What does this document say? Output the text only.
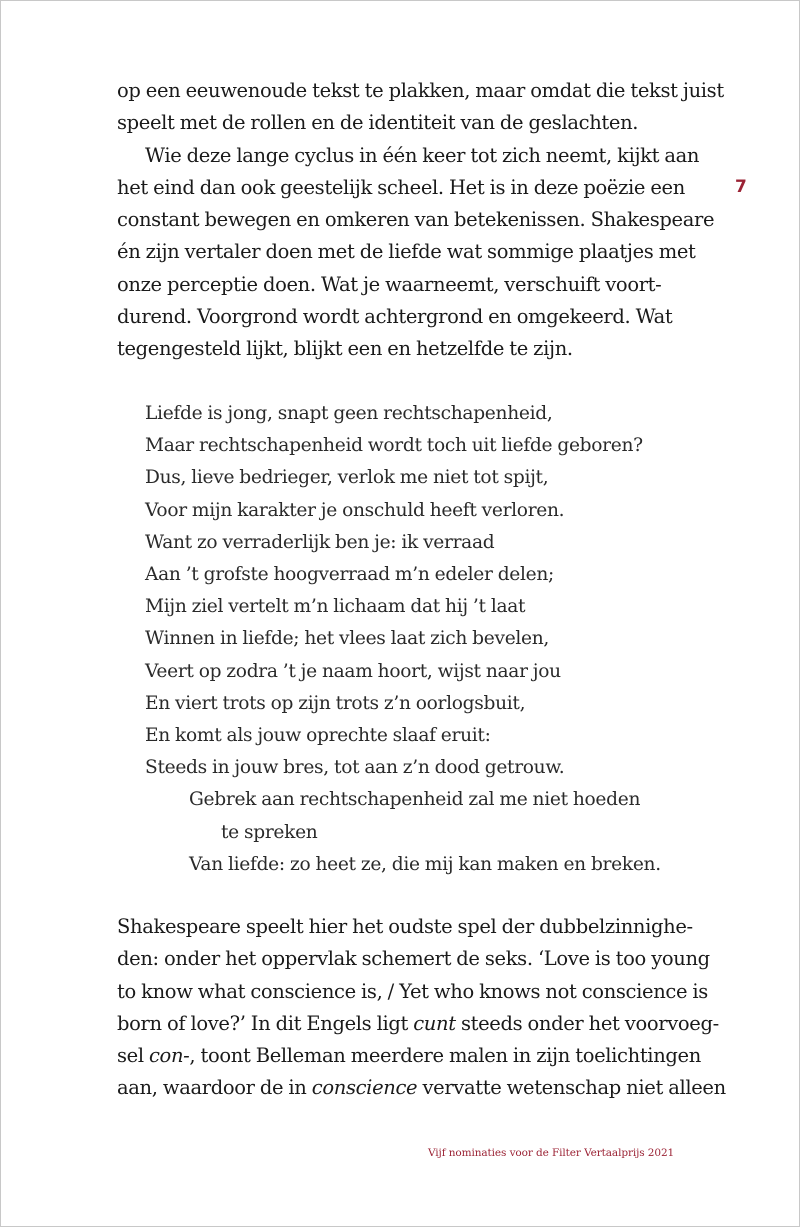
7
op een eeuwenoude tekst te plakken, maar omdat die tekst juist
speelt met de rollen en de identiteit van de geslachten.
Wie deze lange cyclus in één keer tot zich neemt, kijkt aan
het eind dan ook geestelijk scheel. Het is in deze poëzie een
constant bewegen en omkeren van betekenissen. Shakespeare
én zijn vertaler doen met de liefde wat sommige plaatjes met
onze perceptie doen. Wat je waarneemt, verschuift voort-
durend. Voorgrond wordt achtergrond en omgekeerd. Wat
tegengesteld lijkt, blijkt een en hetzelfde te zijn.
Liefde is jong, snapt geen rechtschapenheid,
Maar rechtschapenheid wordt toch uit liefde geboren?
Dus, lieve bedrieger, verlok me niet tot spijt,
Voor mijn karakter je onschuld heeft verloren.
Want zo verraderlijk ben je: ik verraad
Aan ’t grofste hoogverraad m’n edeler delen;
Mijn ziel vertelt m’n lichaam dat hij ’t laat
Winnen in liefde; het vlees laat zich bevelen,
Veert op zodra ’t je naam hoort, wijst naar jou
En viert trots op zijn trots z’n oorlogsbuit,
En komt als jouw oprechte slaaf eruit:
Steeds in jouw bres, tot aan z’n dood getrouw.
Gebrek aan rechtschapenheid zal me niet hoeden
te spreken
Van liefde: zo heet ze, die mij kan maken en breken.
Shakespeare speelt hier het oudste spel der dubbelzinnighe-
den: onder het oppervlak schemert de seks. ‘Love is too young
to know what conscience is, / Yet who knows not conscience is
born of love?’ In dit Engels ligt cunt steeds onder het voorvoeg-
sel con-, toont Belleman meerdere malen in zijn toelichtingen
aan, waardoor de in conscience vervatte wetenschap niet alleen
Vijf nominaties voor de Filter Vertaalprijs 2021
